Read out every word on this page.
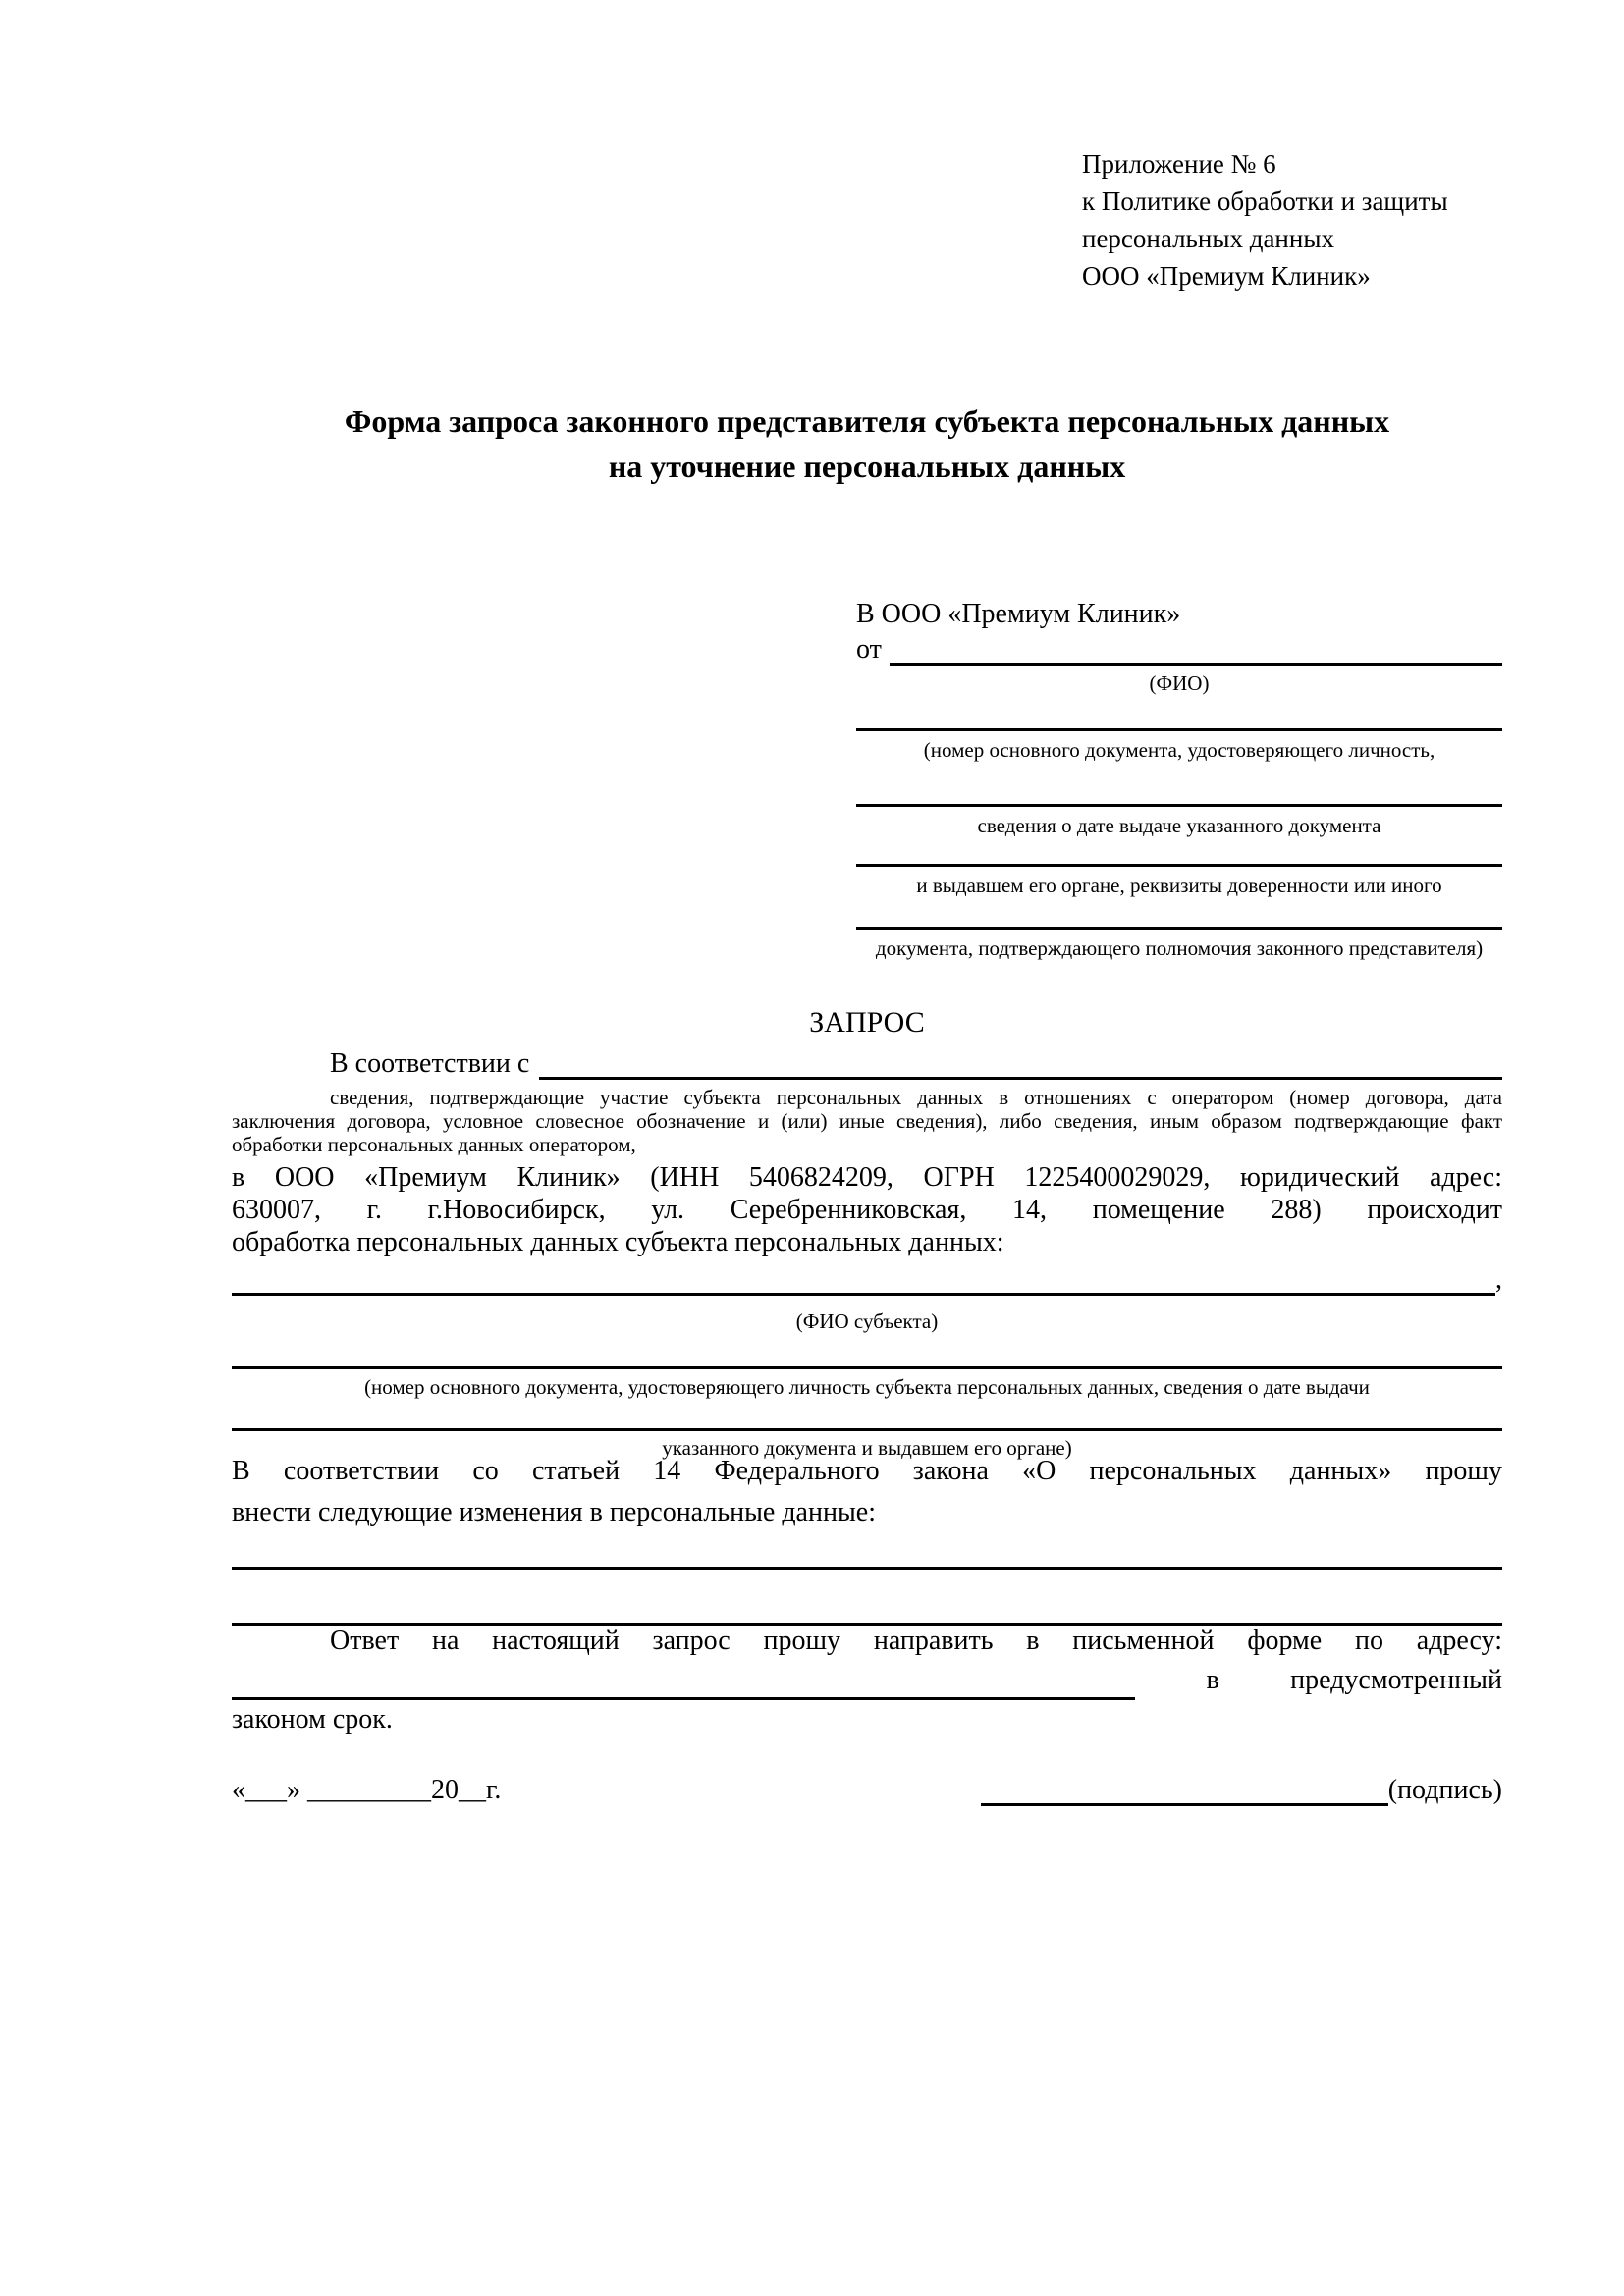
Приложение № 6
к Политике обработки и защиты
персональных данных
ООО «Премиум Клиник»
Форма запроса законного представителя субъекта персональных данных
на уточнение персональных данных
В ООО «Премиум Клиник»
от
(ФИО)
(номер основного документа, удостоверяющего личность,
сведения о дате выдаче указанного документа
и выдавшем его органе, реквизиты доверенности или иного
документа, подтверждающего полномочия законного представителя)
ЗАПРОС
В соответствии с
сведения, подтверждающие участие субъекта персональных данных в отношениях с оператором (номер договора, дата
заключения договора, условное словесное обозначение и (или) иные сведения), либо сведения, иным образом подтверждающие факт
обработки персональных данных оператором,
в ООО «Премиум Клиник» (ИНН 5406824209, ОГРН 1225400029029, юридический адрес:
630007, г. г.Новосибирск, ул. Серебренниковская, 14, помещение 288) происходит
обработка персональных данных субъекта персональных данных:
,
(ФИО субъекта)
(номер основного документа, удостоверяющего личность субъекта персональных данных, сведения о дате выдачи
указанного документа и выдавшем его органе)
В соответствии со статьей 14 Федерального закона «О персональных данных» прошу
внести следующие изменения в персональные данные:
Ответ на настоящий запрос прошу направить в письменной форме по адресу:
в	предусмотренный
законом срок.
«___» _________20__г.	(подпись)
